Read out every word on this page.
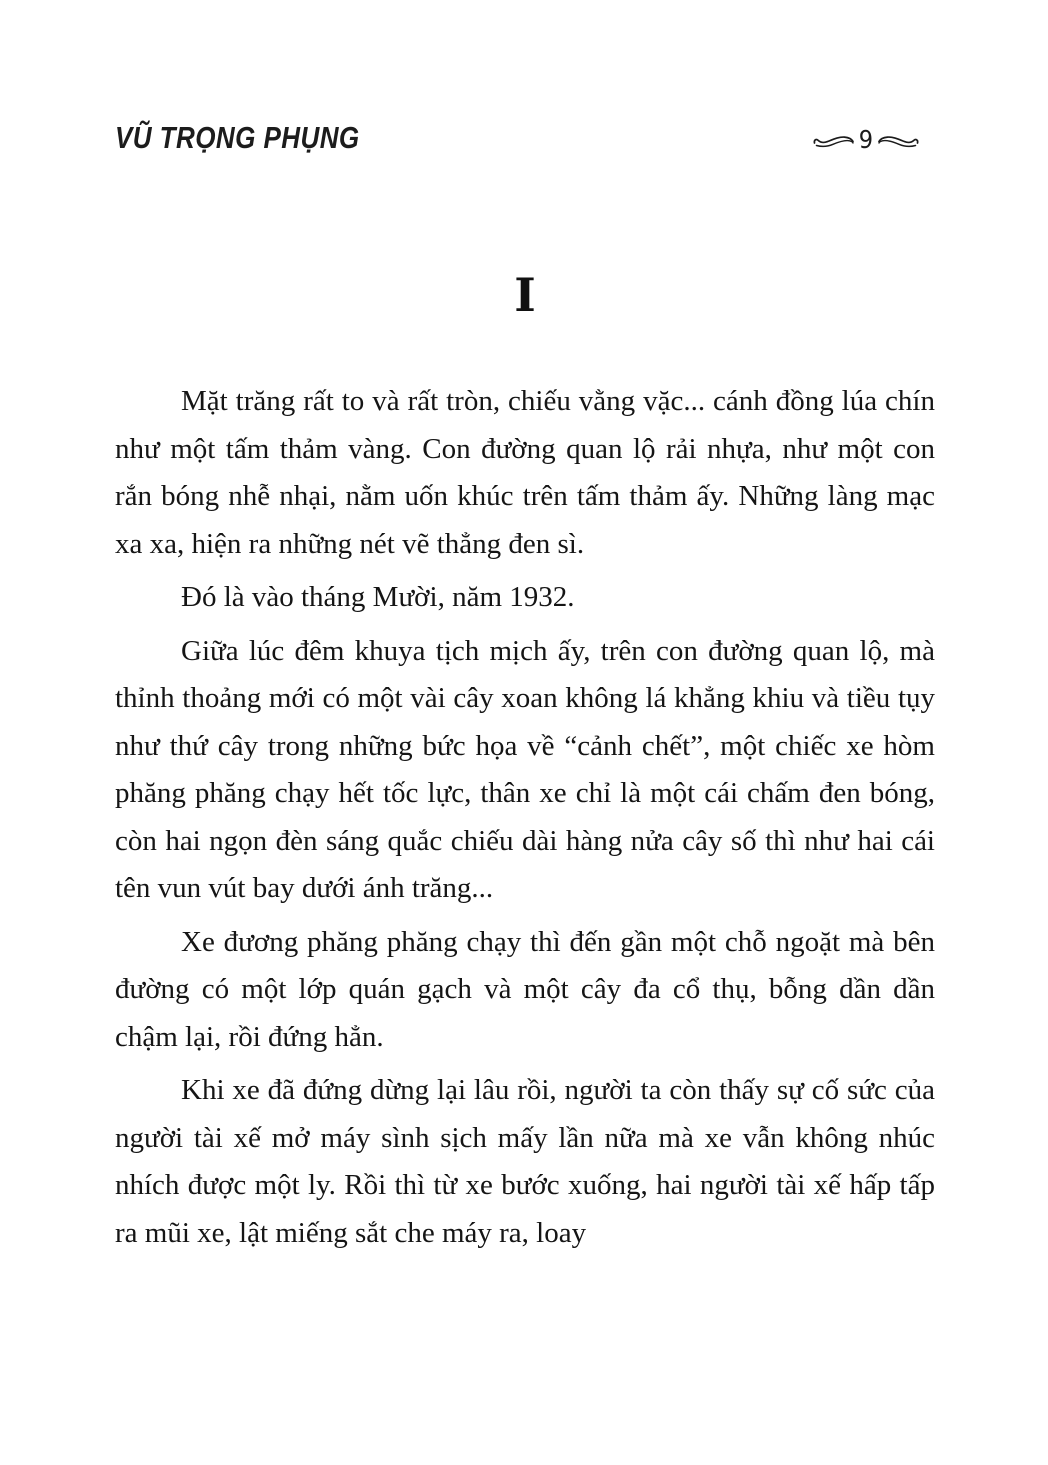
VŨ TRỌNG PHỤNG	9
I

Mặt trăng rất to và rất tròn, chiếu vằng vặc... cánh đồng lúa chín như một tấm thảm vàng. Con đường quan lộ rải nhựa, như một con rắn bóng nhễ nhại, nằm uốn khúc trên tấm thảm ấy. Những làng mạc xa xa, hiện ra những nét vẽ thẳng đen sì.

Đó là vào tháng Mười, năm 1932.

Giữa lúc đêm khuya tịch mịch ấy, trên con đường quan lộ, mà thỉnh thoảng mới có một vài cây xoan không lá khẳng khiu và tiều tụy như thứ cây trong những bức họa về “cảnh chết”, một chiếc xe hòm phăng phăng chạy hết tốc lực, thân xe chỉ là một cái chấm đen bóng, còn hai ngọn đèn sáng quắc chiếu dài hàng nửa cây số thì như hai cái tên vun vút bay dưới ánh trăng...

Xe đương phăng phăng chạy thì đến gần một chỗ ngoặt mà bên đường có một lớp quán gạch và một cây đa cổ thụ, bỗng dần dần chậm lại, rồi đứng hẳn.

Khi xe đã đứng dừng lại lâu rồi, người ta còn thấy sự cố sức của người tài xế mở máy sình sịch mấy lần nữa mà xe vẫn không nhúc nhích được một ly. Rồi thì từ xe bước xuống, hai người tài xế hấp tấp ra mũi xe, lật miếng sắt che máy ra, loay
